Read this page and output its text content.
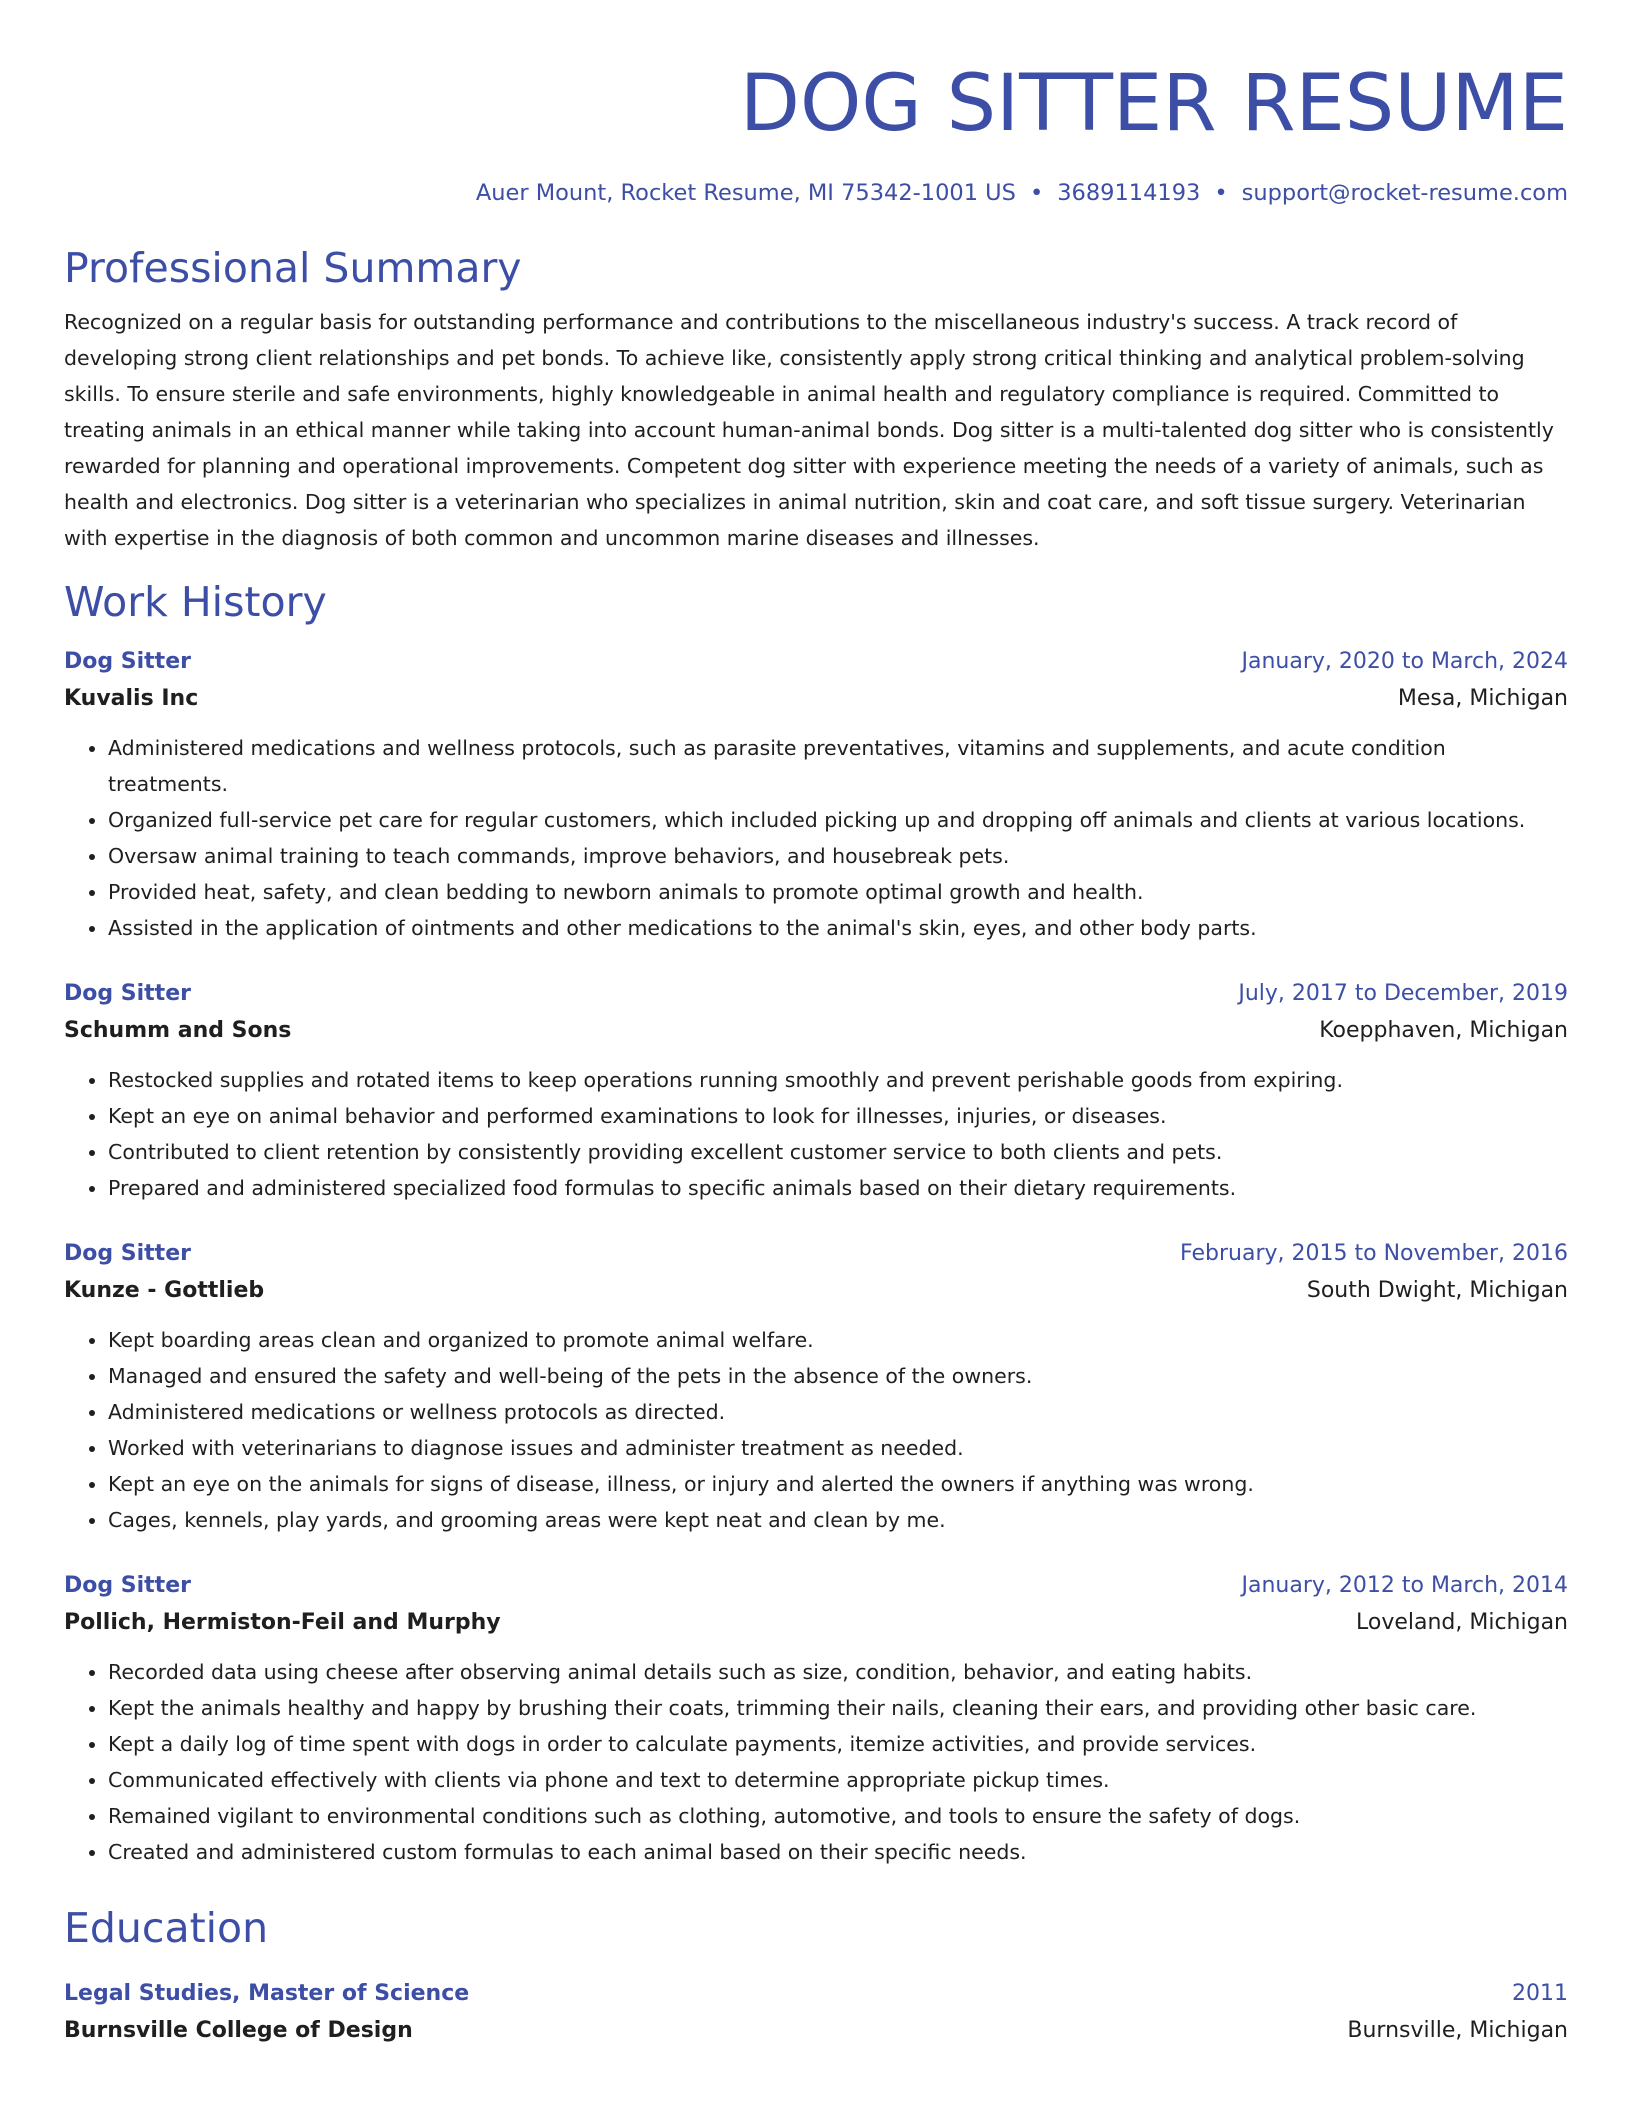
DOG SITTER RESUME
Auer Mount, Rocket Resume, MI 75342-1001 US • 3689114193 • support@rocket-resume.com
Professional Summary
Recognized on a regular basis for outstanding performance and contributions to the miscellaneous industry's success. A track record of developing strong client relationships and pet bonds. To achieve like, consistently apply strong critical thinking and analytical problem-solving skills. To ensure sterile and safe environments, highly knowledgeable in animal health and regulatory compliance is required. Committed to treating animals in an ethical manner while taking into account human-animal bonds. Dog sitter is a multi-talented dog sitter who is consistently rewarded for planning and operational improvements. Competent dog sitter with experience meeting the needs of a variety of animals, such as health and electronics. Dog sitter is a veterinarian who specializes in animal nutrition, skin and coat care, and soft tissue surgery. Veterinarian with expertise in the diagnosis of both common and uncommon marine diseases and illnesses.
Work History
Dog Sitter	January, 2020 to March, 2024
Kuvalis Inc	Mesa, Michigan
• Administered medications and wellness protocols, such as parasite preventatives, vitamins and supplements, and acute condition treatments.
• Organized full-service pet care for regular customers, which included picking up and dropping off animals and clients at various locations.
• Oversaw animal training to teach commands, improve behaviors, and housebreak pets.
• Provided heat, safety, and clean bedding to newborn animals to promote optimal growth and health.
• Assisted in the application of ointments and other medications to the animal's skin, eyes, and other body parts.
Dog Sitter	July, 2017 to December, 2019
Schumm and Sons	Koepphaven, Michigan
• Restocked supplies and rotated items to keep operations running smoothly and prevent perishable goods from expiring.
• Kept an eye on animal behavior and performed examinations to look for illnesses, injuries, or diseases.
• Contributed to client retention by consistently providing excellent customer service to both clients and pets.
• Prepared and administered specialized food formulas to specific animals based on their dietary requirements.
Dog Sitter	February, 2015 to November, 2016
Kunze - Gottlieb	South Dwight, Michigan
• Kept boarding areas clean and organized to promote animal welfare.
• Managed and ensured the safety and well-being of the pets in the absence of the owners.
• Administered medications or wellness protocols as directed.
• Worked with veterinarians to diagnose issues and administer treatment as needed.
• Kept an eye on the animals for signs of disease, illness, or injury and alerted the owners if anything was wrong.
• Cages, kennels, play yards, and grooming areas were kept neat and clean by me.
Dog Sitter	January, 2012 to March, 2014
Pollich, Hermiston-Feil and Murphy	Loveland, Michigan
• Recorded data using cheese after observing animal details such as size, condition, behavior, and eating habits.
• Kept the animals healthy and happy by brushing their coats, trimming their nails, cleaning their ears, and providing other basic care.
• Kept a daily log of time spent with dogs in order to calculate payments, itemize activities, and provide services.
• Communicated effectively with clients via phone and text to determine appropriate pickup times.
• Remained vigilant to environmental conditions such as clothing, automotive, and tools to ensure the safety of dogs.
• Created and administered custom formulas to each animal based on their specific needs.
Education
Legal Studies, Master of Science	2011
Burnsville College of Design	Burnsville, Michigan
